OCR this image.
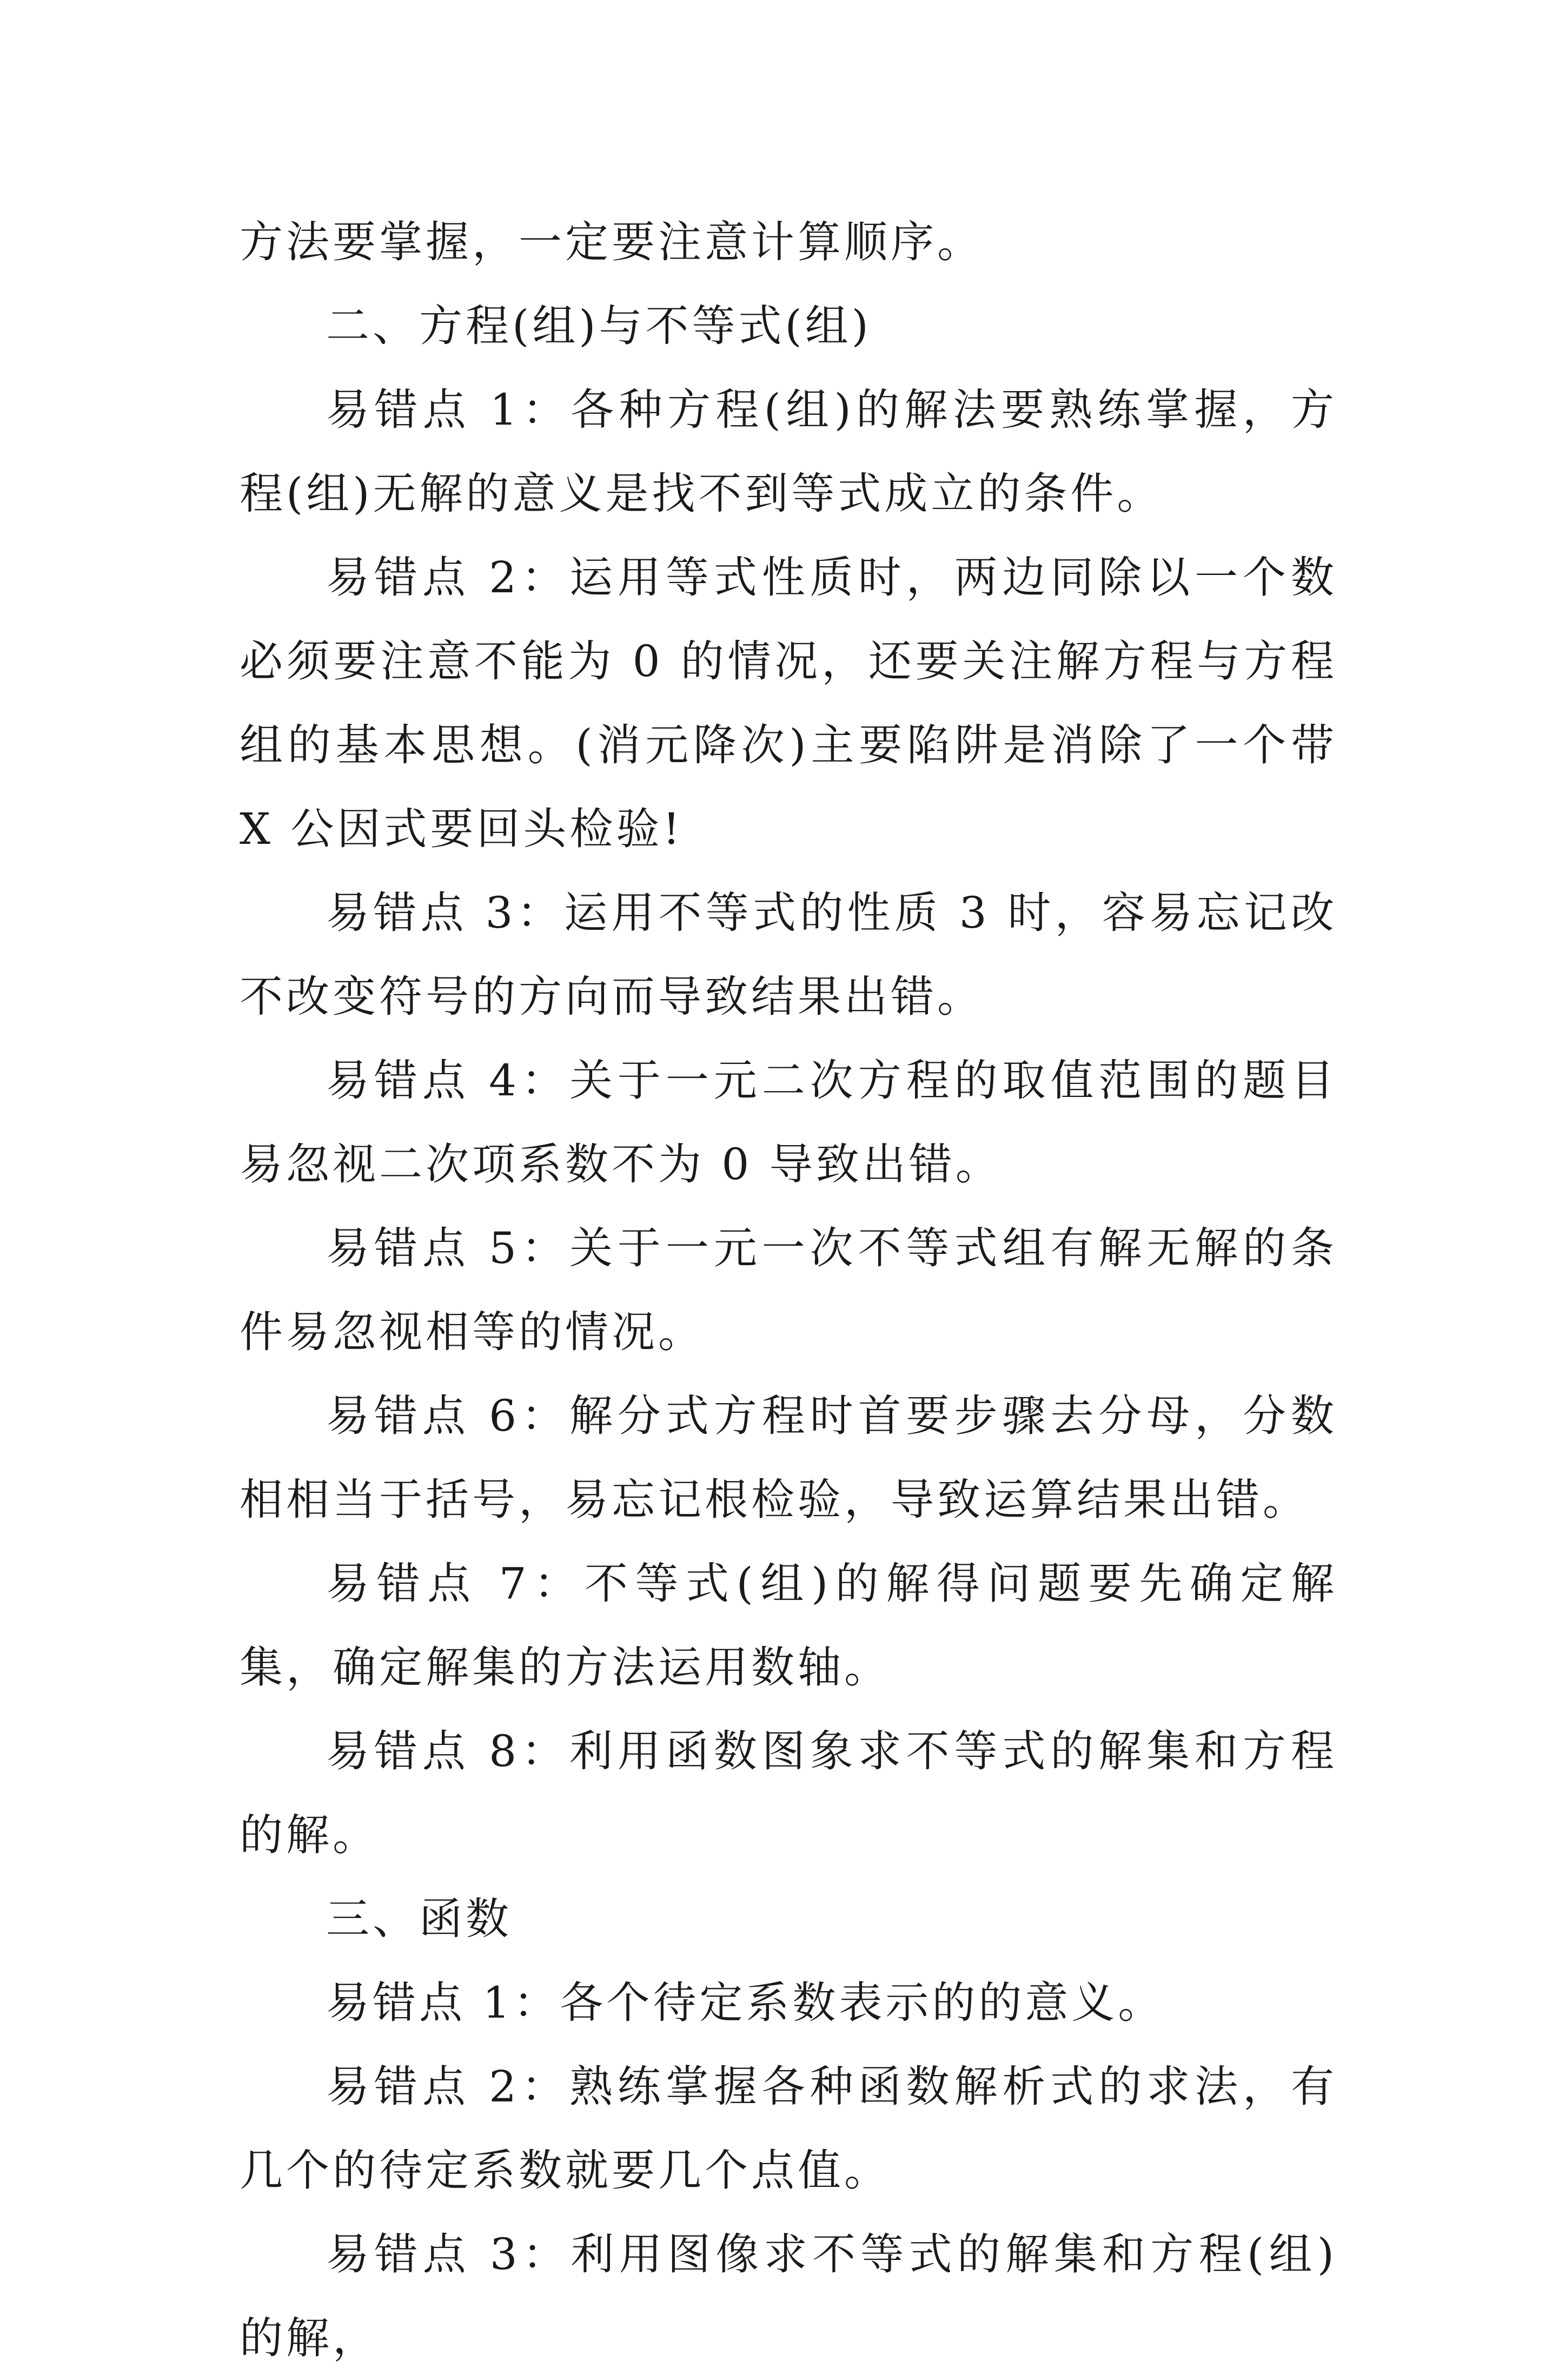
方法要掌握，一定要注意计算顺序。

二、方程(组)与不等式(组)

易错点 1：各种方程(组)的解法要熟练掌握，方程(组)无解的意义是找不到等式成立的条件。

易错点 2：运用等式性质时，两边同除以一个数必须要注意不能为 0 的情况，还要关注解方程与方程组的基本思想。(消元降次)主要陷阱是消除了一个带 X 公因式要回头检验!

易错点 3：运用不等式的性质 3 时，容易忘记改不改变符号的方向而导致结果出错。

易错点 4：关于一元二次方程的取值范围的题目易忽视二次项系数不为 0 导致出错。

易错点 5：关于一元一次不等式组有解无解的条件易忽视相等的情况。

易错点 6：解分式方程时首要步骤去分母，分数相相当于括号，易忘记根检验，导致运算结果出错。

易错点 7：不等式(组)的解得问题要先确定解集，确定解集的方法运用数轴。

易错点 8：利用函数图象求不等式的解集和方程的解。

三、函数

易错点 1：各个待定系数表示的的意义。

易错点 2：熟练掌握各种函数解析式的求法，有几个的待定系数就要几个点值。

易错点 3：利用图像求不等式的解集和方程(组)的解，
